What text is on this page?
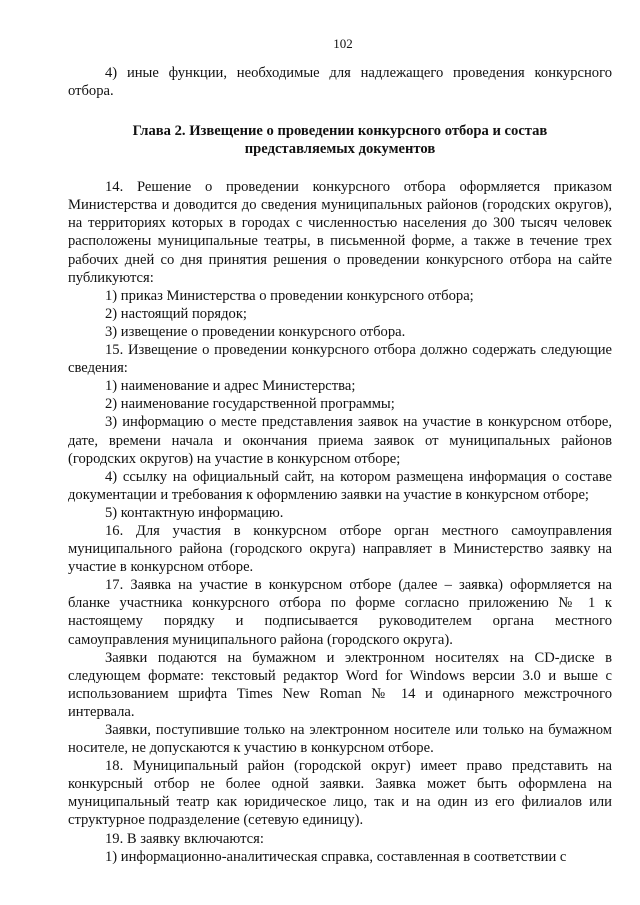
102

4) иные функции, необходимые для надлежащего проведения конкурсного отбора.

Глава 2. Извещение о проведении конкурсного отбора и состав представляемых документов

14. Решение о проведении конкурсного отбора оформляется приказом Министерства и доводится до сведения муниципальных районов (городских округов), на территориях которых в городах с численностью населения до 300 тысяч человек расположены муниципальные театры, в письменной форме, а также в течение трех рабочих дней со дня принятия решения о проведении конкурсного отбора на сайте публикуются:

1) приказ Министерства о проведении конкурсного отбора;

2) настоящий порядок;

3) извещение о проведении конкурсного отбора.

15. Извещение о проведении конкурсного отбора должно содержать следующие сведения:

1) наименование и адрес Министерства;

2) наименование государственной программы;

3) информацию о месте представления заявок на участие в конкурсном отборе, дате, времени начала и окончания приема заявок от муниципальных районов (городских округов) на участие в конкурсном отборе;

4) ссылку на официальный сайт, на котором размещена информация о составе документации и требования к оформлению заявки на участие в конкурсном отборе;

5) контактную информацию.

16. Для участия в конкурсном отборе орган местного самоуправления муниципального района (городского округа) направляет в Министерство заявку на участие в конкурсном отборе.

17. Заявка на участие в конкурсном отборе (далее – заявка) оформляется на бланке участника конкурсного отбора по форме согласно приложению № 1 к настоящему порядку и подписывается руководителем органа местного самоуправления муниципального района (городского округа).

Заявки подаются на бумажном и электронном носителях на CD-диске в следующем формате: текстовый редактор Word for Windows версии 3.0 и выше с использованием шрифта Times New Roman № 14 и одинарного межстрочного интервала.

Заявки, поступившие только на электронном носителе или только на бумажном носителе, не допускаются к участию в конкурсном отборе.

18. Муниципальный район (городской округ) имеет право представить на конкурсный отбор не более одной заявки. Заявка может быть оформлена на муниципальный театр как юридическое лицо, так и на один из его филиалов или структурное подразделение (сетевую единицу).

19. В заявку включаются:

1) информационно-аналитическая справка, составленная в соответствии с
